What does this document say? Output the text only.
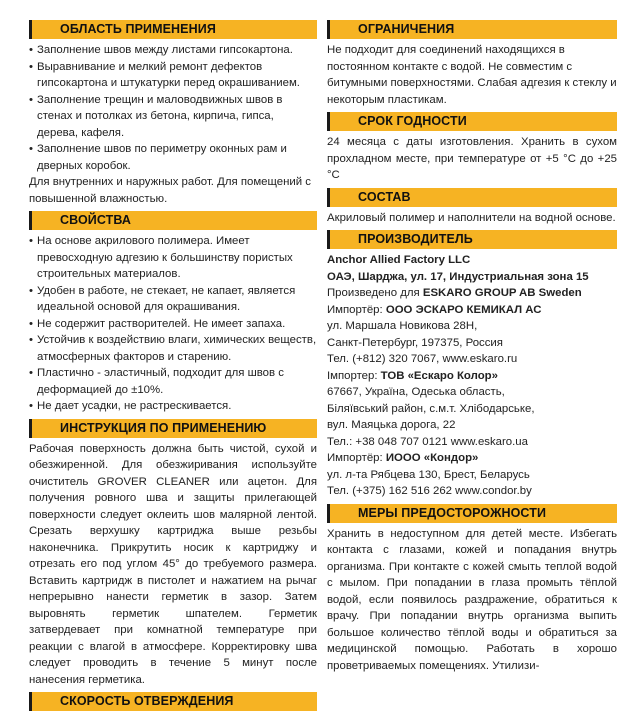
ОБЛАСТЬ ПРИМЕНЕНИЯ
• Заполнение швов между листами гипсокартона.
• Выравнивание и мелкий ремонт дефектов гипсокартона и штукатурки перед окрашиванием.
• Заполнение трещин и маловодвижных швов в стенах и потолках из бетона, кирпича, гипса, дерева, кафеля.
• Заполнение швов по периметру оконных рам и дверных коробок.

Для внутренних и наружных работ. Для помещений с повышенной влажностью.

СВОЙСТВА
• На основе акрилового полимера. Имеет превосходную адгезию к большинству пористых строительных материалов.
• Удобен в работе, не стекает, не капает, является идеальной основой для окрашивания.
• Не содержит растворителей. Не имеет запаха.
• Устойчив к воздействию влаги, химических веществ, атмосферных факторов и старению.
• Пластично - эластичный, подходит для швов с деформацией до ±10%.
• Не дает усадки, не растрескивается.
ИНСТРУКЦИЯ ПО ПРИМЕНЕНИЮ

Рабочая поверхность должна быть чистой, сухой и обезжиренной. Для обезжиривания используйте очиститель GROVER CLEANER или ацетон. Для получения ровного шва и защиты прилегающей поверхности следует оклеить шов малярной лентой. Срезать верхушку картриджа выше резьбы наконечника. Прикрутить носик к картриджу и отрезать его под углом 45° до требуемого размера. Вставить картридж в пистолет и нажатием на рычаг непрерывно нанести герметик в зазор. Затем выровнять герметик шпателем. Герметик затвердевает при комнатной температуре при реакции с влагой в атмосфере. Корректировку шва следует проводить в течение 5 минут после нанесения герметика.

СКОРОСТЬ ОТВЕРЖДЕНИЯ
ОГРАНИЧЕНИЯ

Не подходит для соединений находящихся в постоянном контакте с водой. Не совместим с битумными поверхностями. Слабая адгезия к стеклу и некоторым пластикам.

СРОК ГОДНОСТИ

24 месяца с даты изготовления. Хранить в сухом прохладном месте, при температуре от +5 °С до +25 °С

СОСТАВ

Акриловый полимер и наполнители на водной основе.

ПРОИЗВОДИТЕЛЬ

Anchor Allied Factory LLC

ОАЭ, Шарджа, ул. 17, Индустриальная зона 15

Произведено для ESKARO GROUP AB Sweden

Импортёр: ООО ЭСКАРО КЕМИКАЛ АС

ул. Маршала Новикова 28Н,

Санкт-Петербург, 197375, Россия

Тел. (+812) 320 7067, www.eskaro.ru

Імпортер: ТОВ «Ескаро Колор»

67667, Україна, Одеська область,

Біляївський район, с.м.т. Хлібодарське,

вул. Маяцька дорога, 22

Тел.: +38 048 707 0121 www.eskaro.ua

Импортёр: ИООО «Кондор»

ул. л-та Рябцева 130, Брест, Беларусь

Тел. (+375) 162 516 262 www.condor.by

МЕРЫ ПРЕДОСТОРОЖНОСТИ

Хранить в недоступном для детей месте. Избегать контакта с глазами, кожей и попадания внутрь организма. При контакте с кожей смыть теплой водой с мылом. При попадании в глаза промыть тёплой водой, если появилось раздражение, обратиться к врачу. При попадании внутрь организма выпить большое количество тёплой воды и обратиться за медицинской помощью. Работать в хорошо проветриваемых помещениях. Утилизи-
